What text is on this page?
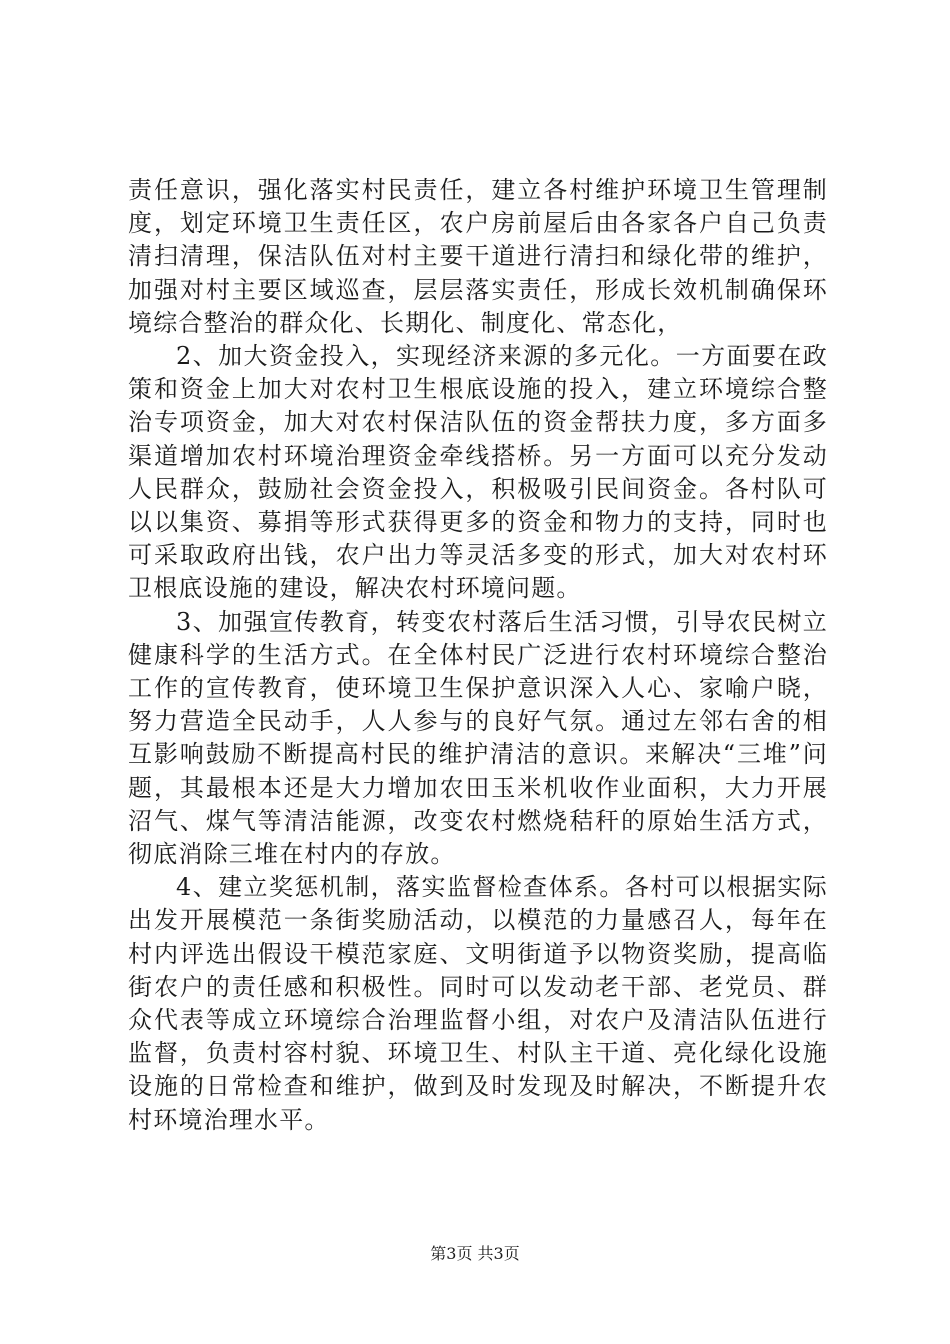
责任意识，强化落实村民责任，建立各村维护环境卫生管理制度，划定环境卫生责任区，农户房前屋后由各家各户自己负责清扫清理，保洁队伍对村主要干道进行清扫和绿化带的维护，加强对村主要区域巡查，层层落实责任，形成长效机制确保环境综合整治的群众化、长期化、制度化、常态化，

2、加大资金投入，实现经济来源的多元化。一方面要在政策和资金上加大对农村卫生根底设施的投入，建立环境综合整治专项资金，加大对农村保洁队伍的资金帮扶力度，多方面多渠道增加农村环境治理资金牵线搭桥。另一方面可以充分发动人民群众，鼓励社会资金投入，积极吸引民间资金。各村队可以以集资、募捐等形式获得更多的资金和物力的支持，同时也可采取政府出钱，农户出力等灵活多变的形式，加大对农村环卫根底设施的建设，解决农村环境问题。

3、加强宣传教育，转变农村落后生活习惯，引导农民树立健康科学的生活方式。在全体村民广泛进行农村环境综合整治工作的宣传教育，使环境卫生保护意识深入人心、家喻户晓，努力营造全民动手，人人参与的良好气氛。通过左邻右舍的相互影响鼓励不断提高村民的维护清洁的意识。来解决“三堆”问题，其最根本还是大力增加农田玉米机收作业面积，大力开展沼气、煤气等清洁能源，改变农村燃烧秸秆的原始生活方式，彻底消除三堆在村内的存放。

4、建立奖惩机制，落实监督检查体系。各村可以根据实际出发开展模范一条街奖励活动，以模范的力量感召人，每年在村内评选出假设干模范家庭、文明街道予以物资奖励，提高临街农户的责任感和积极性。同时可以发动老干部、老党员、群众代表等成立环境综合治理监督小组，对农户及清洁队伍进行监督，负责村容村貌、环境卫生、村队主干道、亮化绿化设施设施的日常检查和维护，做到及时发现及时解决，不断提升农村环境治理水平。

第3页 共3页
